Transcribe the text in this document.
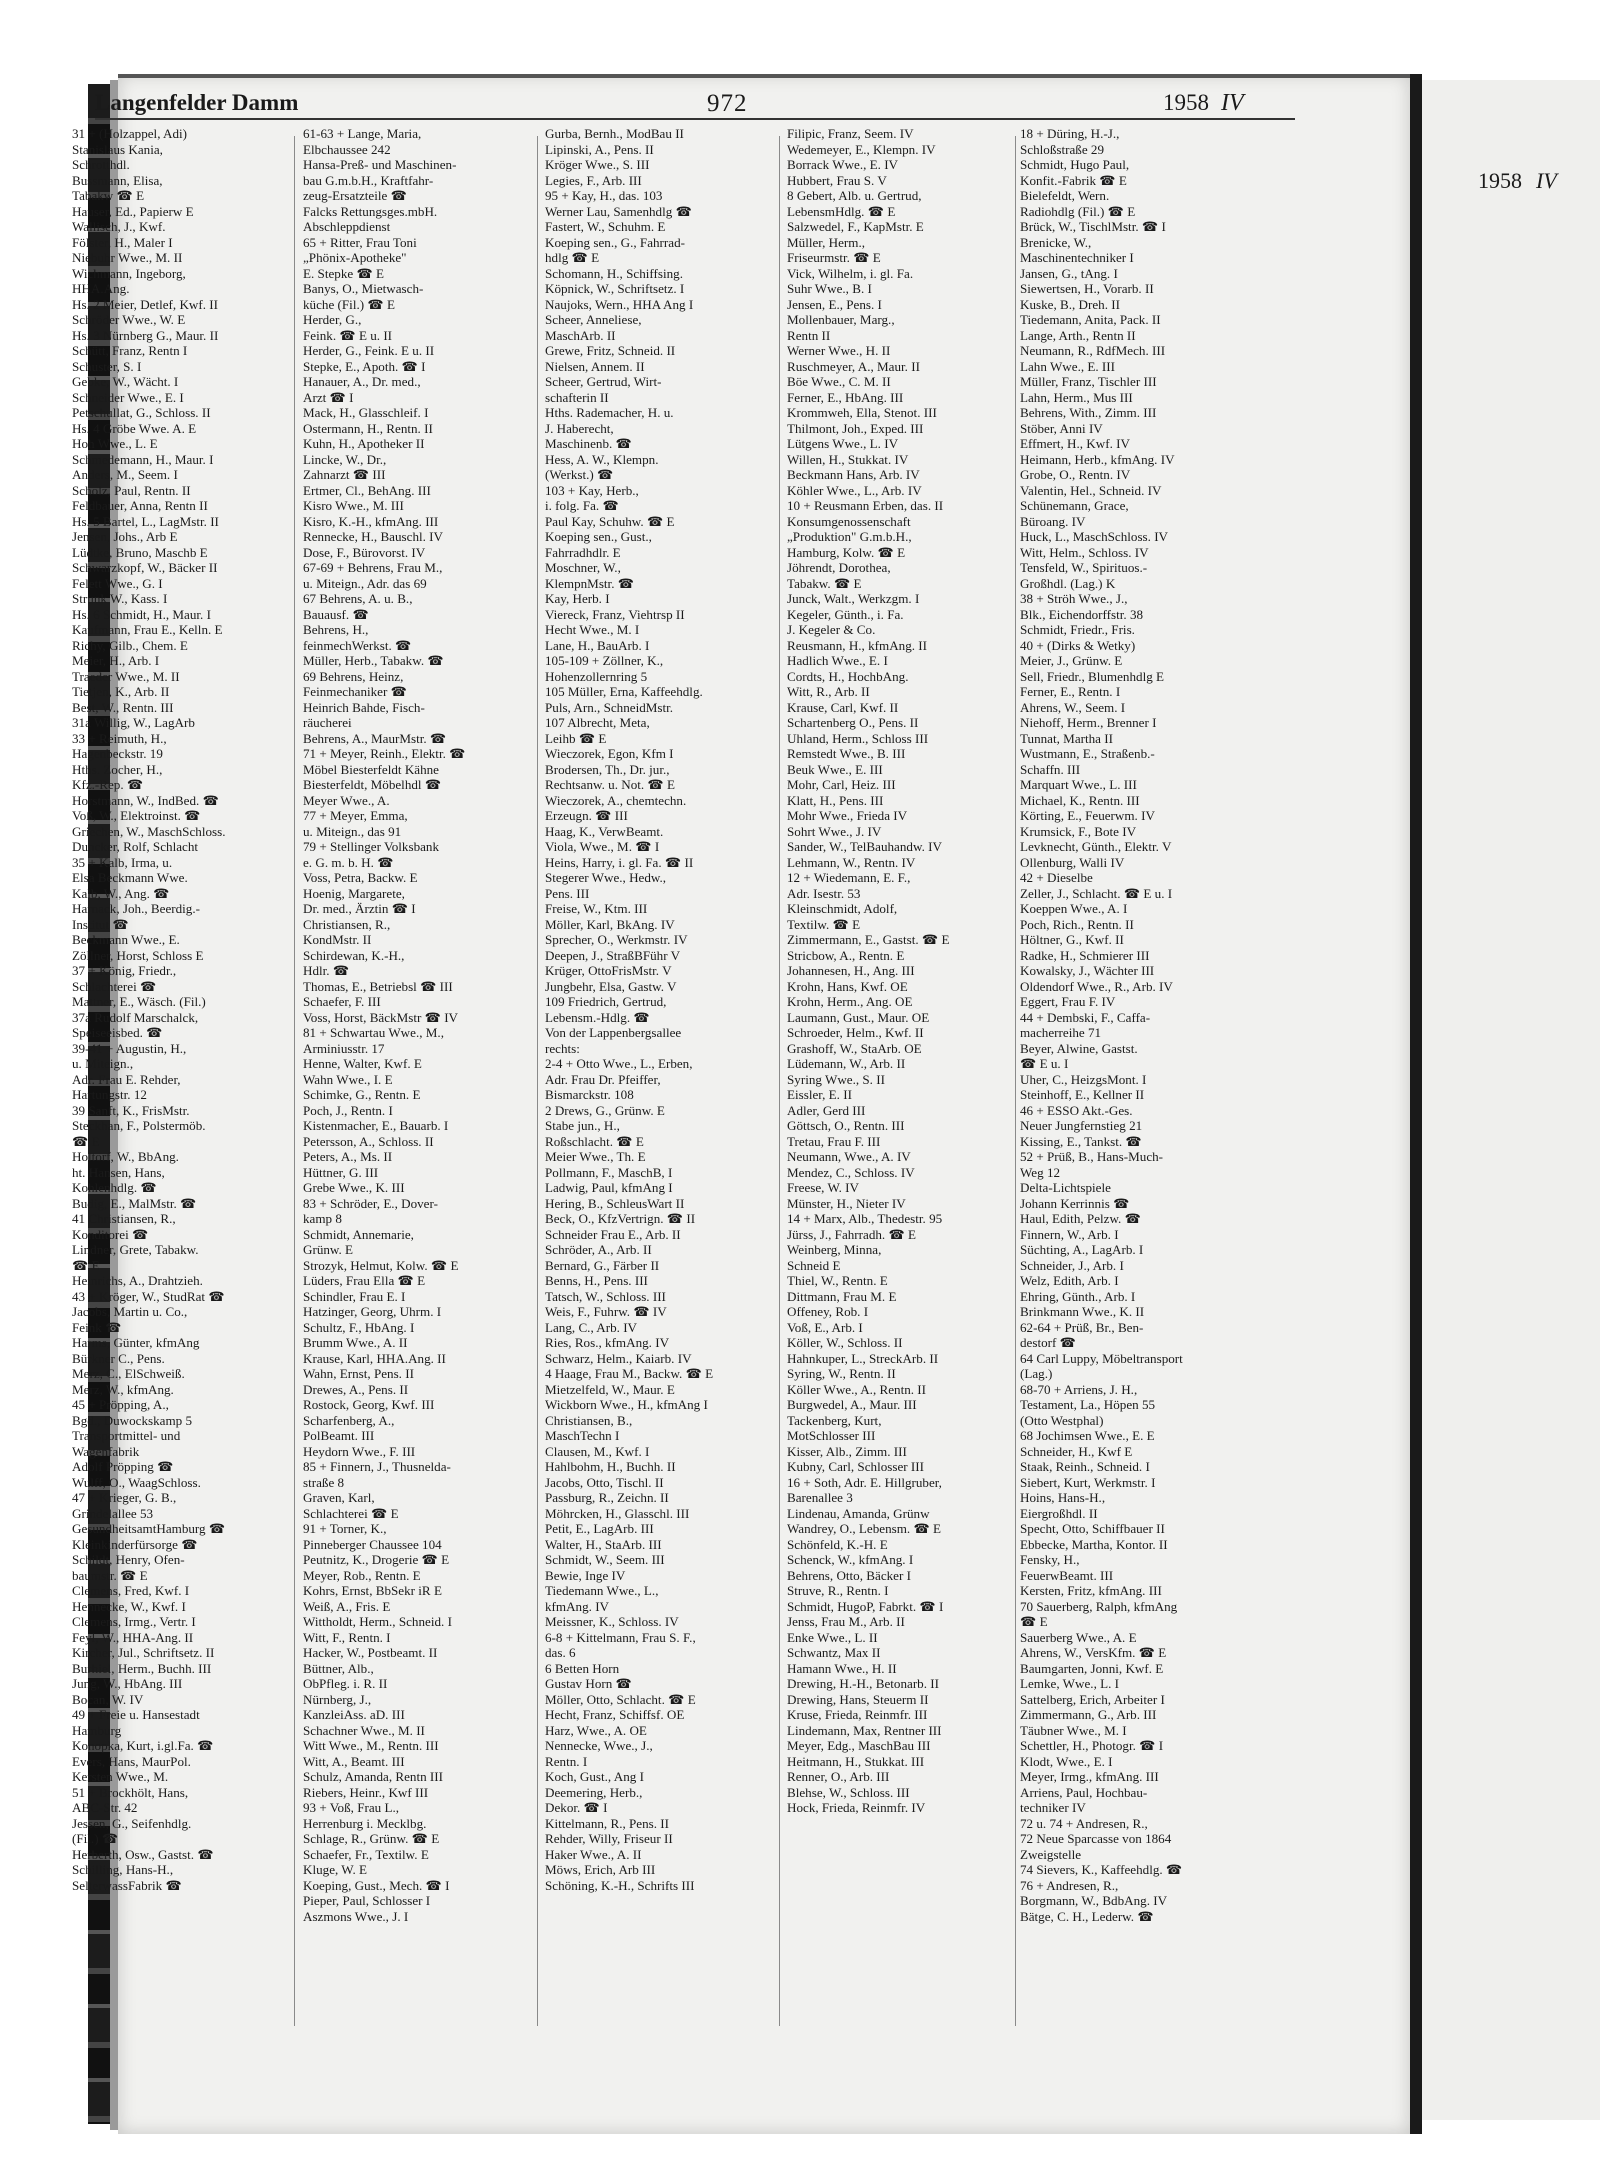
1958 IV
Langenfelder Damm	972	1958 IV
31 + (Holzappel, Adi)
Stanislaus Kania,
Schrotthdl.
Bussmann, Elisa,
Tabakw ☎ E
Hauser, Ed., Papierw E
Wallisch, J., Kwf.
Fölster, H., Maler I
Niebuhr Wwe., M. II
Wichmann, Ingeborg,
HHA.Ang.
Hs. 2 Meier, Detlef, Kwf. II
Schröder Wwe., W. E
Hs. 3 Nürnberg G., Maur. II
Schütt, Franz, Rentn I
Schuster, S. I
Gebke, W., Wächt. I
Schneider Wwe., E. I
Petschullat, G., Schloss. II
Hs. 4 Gröbe Wwe. A. E
Hoh Wwe., L. E
Schmedemann, H., Maur. I
Anders, M., Seem. I
Scholz, Paul, Rentn. II
Feldbauer, Anna, Rentn II
Hs. 5 Bartel, L., LagMstr. II
Jensen, Johs., Arb E
Lüdtke, Bruno, Maschb E
Schwarzkopf, W., Bäcker II
Felett Wwe., G. I
Strunk W., Kass. I
Hs. 6 Schmidt, H., Maur. I
Kaufmann, Frau E., Kelln. E
Richy, Gilb., Chem. E
Meier, H., Arb. I
Traeder Wwe., M. II
Tietjen, K., Arb. II
Best, W., Rentn. III
31a Willig, W., LagArb
33 + Reimuth, H.,
Hagenbeckstr. 19
Hths. Zocher, H.,
Kfz.-Rep. ☎
Horstmann, W., IndBed. ☎
Voß, W., Elektroinst. ☎
Griechen, W., MaschSchloss.
Duncker, Rolf, Schlacht
35 + Kalb, Irma, u.
Elsa Beckmann Wwe.
Kalb, W., Ang. ☎
Harnack, Joh., Beerdig.-
Institut ☎
Beckmann Wwe., E.
Zöllner, Horst, Schloss E
37 + König, Friedr.,
Schlachterei ☎
Mattner, E., Wäsch. (Fil.)
37a Rudolf Marschalck,
Speiseeisbed. ☎
39-41 + Augustin, H.,
u. Miteign.,
Adr. Frau E. Rehder,
Hartungstr. 12
39 Sanft, K., FrisMstr.
Steckhan, F., Polstermöb.
☎ E
Holtorf, W., BbAng.
ht. Hansen, Hans,
Kohlenhdlg. ☎
Budig, E., MalMstr. ☎
41 Christiansen, R.,
Konditorei ☎
Lindner, Grete, Tabakw.
☎ E
Heinrichs, A., Drahtzieh.
43 + Kröger, W., StudRat ☎
Jacobs, Martin u. Co.,
Feink ☎
Harms, Günter, kfmAng
Bürkner C., Pens.
Merz, C., ElSchweiß.
Merz, W., kfmAng.
45 + Pröpping, A.,
Bgd., Duwockskamp 5
Transportmittel- und
Wagenfabrik
Adolf Pröpping ☎
Wulff, O., WaagSchloss.
47 + Krieger, G. B.,
Grindelallee 53
GesundheitsamtHamburg ☎
Kleinkinderfürsorge ☎
Schildt, Henry, Ofen-
baumstr. ☎ E
Clemens, Fred, Kwf. I
Hennecke, W., Kwf. I
Clemens, Irmg., Vertr. I
Feyl, W., HHA-Ang. II
Kircher, Jul., Schriftsetz. II
Burhiel, Herm., Buchh. III
Jung, W., HbAng. III
Bocan, W. IV
49 + Freie u. Hansestadt
Hamburg
Konopka, Kurt, i.gl.Fa. ☎
Evers, Hans, MaurPol.
Kersten Wwe., M.
51 + Brockhölt, Hans,
ABC-Str. 42
Jessen, G., Seifenhdlg.
(Fil.) ☎
Herberth, Osw., Gastst. ☎
Schilling, Hans-H.,
SelterwassFabrik ☎
61-63 + Lange, Maria,
Elbchaussee 242
Hansa-Preß- und Maschinen-
bau G.m.b.H., Kraftfahr-
zeug-Ersatzteile ☎
Falcks Rettungsges.mbH.
Abschleppdienst
65 + Ritter, Frau Toni
„Phönix-Apotheke"
E. Stepke ☎ E
Banys, O., Mietwasch-
küche (Fil.) ☎ E
Herder, G.,
Feink. ☎ E u. II
Herder, G., Feink. E u. II
Stepke, E., Apoth. ☎ I
Hanauer, A., Dr. med.,
Arzt ☎ I
Mack, H., Glasschleif. I
Ostermann, H., Rentn. II
Kuhn, H., Apotheker II
Lincke, W., Dr.,
Zahnarzt ☎ III
Ertmer, Cl., BehAng. III
Kisro Wwe., M. III
Kisro, K.-H., kfmAng. III
Rennecke, H., Bauschl. IV
Dose, F., Bürovorst. IV
67-69 + Behrens, Frau M.,
u. Miteign., Adr. das 69
67 Behrens, A. u. B.,
Bauausf. ☎
Behrens, H.,
feinmechWerkst. ☎
Müller, Herb., Tabakw. ☎
69 Behrens, Heinz,
Feinmechaniker ☎
Heinrich Bahde, Fisch-
räucherei
Behrens, A., MaurMstr. ☎
71 + Meyer, Reinh., Elektr. ☎
Möbel Biesterfeldt Kähne
Biesterfeldt, Möbelhdl ☎
Meyer Wwe., A.
77 + Meyer, Emma,
u. Miteign., das 91
79 + Stellinger Volksbank
e. G. m. b. H. ☎
Voss, Petra, Backw. E
Hoenig, Margarete,
Dr. med., Ärztin ☎ I
Christiansen, R.,
KondMstr. II
Schirdewan, K.-H.,
Hdlr. ☎
Thomas, E., Betriebsl ☎ III
Schaefer, F. III
Voss, Horst, BäckMstr ☎ IV
81 + Schwartau Wwe., M.,
Arminiusstr. 17
Henne, Walter, Kwf. E
Wahn Wwe., I. E
Schimke, G., Rentn. E
Poch, J., Rentn. I
Kistenmacher, E., Bauarb. I
Petersson, A., Schloss. II
Peters, A., Ms. II
Hüttner, G. III
Grebe Wwe., K. III
83 + Schröder, E., Dover-
kamp 8
Schmidt, Annemarie,
Grünw. E
Strozyk, Helmut, Kolw. ☎ E
Lüders, Frau Ella ☎ E
Schindler, Frau E. I
Hatzinger, Georg, Uhrm. I
Schultz, F., HbAng. I
Brumm Wwe., A. II
Krause, Karl, HHA.Ang. II
Wahn, Ernst, Pens. II
Drewes, A., Pens. II
Rostock, Georg, Kwf. III
Scharfenberg, A.,
PolBeamt. III
Heydorn Wwe., F. III
85 + Finnern, J., Thusnelda-
straße 8
Graven, Karl,
Schlachterei ☎ E
91 + Torner, K.,
Pinneberger Chaussee 104
Peutnitz, K., Drogerie ☎ E
Meyer, Rob., Rentn. E
Kohrs, Ernst, BbSekr iR E
Weiß, A., Fris. E
Wittholdt, Herm., Schneid. I
Witt, F., Rentn. I
Hacker, W., Postbeamt. II
Büttner, Alb.,
ObPfleg. i. R. II
Nürnberg, J.,
KanzleiAss. aD. III
Schachner Wwe., M. II
Witt Wwe., M., Rentn. III
Witt, A., Beamt. III
Schulz, Amanda, Rentn III
Riebers, Heinr., Kwf III
93 + Voß, Frau L.,
Herrenburg i. Mecklbg.
Schlage, R., Grünw. ☎ E
Schaefer, Fr., Textilw. E
Kluge, W. E
Koeping, Gust., Mech. ☎ I
Pieper, Paul, Schlosser I
Aszmons Wwe., J. I
Gurba, Bernh., ModBau II
Lipinski, A., Pens. II
Kröger Wwe., S. III
Legies, F., Arb. III
95 + Kay, H., das. 103
Werner Lau, Samenhdlg ☎
Fastert, W., Schuhm. E
Koeping sen., G., Fahrrad-
hdlg ☎ E
Schomann, H., Schiffsing.
Köpnick, W., Schriftsetz. I
Naujoks, Wern., HHA Ang I
Scheer, Anneliese,
MaschArb. II
Grewe, Fritz, Schneid. II
Nielsen, Annem. II
Scheer, Gertrud, Wirt-
schafterin II
Hths. Rademacher, H. u.
J. Haberecht,
Maschinenb. ☎
Hess, A. W., Klempn.
(Werkst.) ☎
103 + Kay, Herb.,
i. folg. Fa. ☎
Paul Kay, Schuhw. ☎ E
Koeping sen., Gust.,
Fahrradhdlr. E
Moschner, W.,
KlempnMstr. ☎
Kay, Herb. I
Viereck, Franz, Viehtrsp II
Hecht Wwe., M. I
Lane, H., BauArb. I
105-109 + Zöllner, K.,
Hohenzollernring 5
105 Müller, Erna, Kaffeehdlg.
Puls, Arn., SchneidMstr.
107 Albrecht, Meta,
Leihb ☎ E
Wieczorek, Egon, Kfm I
Brodersen, Th., Dr. jur.,
Rechtsanw. u. Not. ☎ E
Wieczorek, A., chemtechn.
Erzeugn. ☎ III
Haag, K., VerwBeamt.
Viola, Wwe., M. ☎ I
Heins, Harry, i. gl. Fa. ☎ II
Stegerer Wwe., Hedw.,
Pens. III
Freise, W., Ktm. III
Möller, Karl, BkAng. IV
Sprecher, O., Werkmstr. IV
Deepen, J., StraßBFühr V
Krüger, OttoFrisMstr. V
Jungbehr, Elsa, Gastw. V
109 Friedrich, Gertrud,
Lebensm.-Hdlg. ☎
Von der Lappenbergsallee
rechts:
2-4 + Otto Wwe., L., Erben,
Adr. Frau Dr. Pfeiffer,
Bismarckstr. 108
2 Drews, G., Grünw. E
Stabe jun., H.,
Roßschlacht. ☎ E
Meier Wwe., Th. E
Pollmann, F., MaschB, I
Ladwig, Paul, kfmAng I
Hering, B., SchleusWart II
Beck, O., KfzVertrign. ☎ II
Schneider Frau E., Arb. II
Schröder, A., Arb. II
Bernard, G., Färber II
Benns, H., Pens. III
Tatsch, W., Schloss. III
Weis, F., Fuhrw. ☎ IV
Lang, C., Arb. IV
Ries, Ros., kfmAng. IV
Schwarz, Helm., Kaiarb. IV
4 Haage, Frau M., Backw. ☎ E
Mietzelfeld, W., Maur. E
Wickborn Wwe., H., kfmAng I
Christiansen, B.,
MaschTechn I
Clausen, M., Kwf. I
Hahlbohm, H., Buchh. II
Jacobs, Otto, Tischl. II
Passburg, R., Zeichn. II
Möhrcken, H., Glasschl. III
Petit, E., LagArb. III
Walter, H., StaArb. III
Schmidt, W., Seem. III
Bewie, Inge IV
Tiedemann Wwe., L.,
kfmAng. IV
Meissner, K., Schloss. IV
6-8 + Kittelmann, Frau S. F.,
das. 6
6 Betten Horn
Gustav Horn ☎
Möller, Otto, Schlacht. ☎ E
Hecht, Franz, Schiffsf. OE
Harz, Wwe., A. OE
Nennecke, Wwe., J.,
Rentn. I
Koch, Gust., Ang I
Deemering, Herb.,
Dekor. ☎ I
Kittelmann, R., Pens. II
Rehder, Willy, Friseur II
Haker Wwe., A. II
Möws, Erich, Arb III
Schöning, K.-H., Schrifts III
Filipic, Franz, Seem. IV
Wedemeyer, E., Klempn. IV
Borrack Wwe., E. IV
Hubbert, Frau S. V
8 Gebert, Alb. u. Gertrud,
LebensmHdlg. ☎ E
Salzwedel, F., KapMstr. E
Müller, Herm.,
Friseurmstr. ☎ E
Vick, Wilhelm, i. gl. Fa.
Suhr Wwe., B. I
Jensen, E., Pens. I
Mollenbauer, Marg.,
Rentn II
Werner Wwe., H. II
Ruschmeyer, A., Maur. II
Böe Wwe., C. M. II
Ferner, E., HbAng. III
Krommweh, Ella, Stenot. III
Thilmont, Joh., Exped. III
Lütgens Wwe., L. IV
Willen, H., Stukkat. IV
Beckmann Hans, Arb. IV
Köhler Wwe., L., Arb. IV
10 + Reusmann Erben, das. II
Konsumgenossenschaft
„Produktion" G.m.b.H.,
Hamburg, Kolw. ☎ E
Jöhrendt, Dorothea,
Tabakw. ☎ E
Junck, Walt., Werkzgm. I
Kegeler, Günth., i. Fa.
J. Kegeler & Co.
Reusmann, H., kfmAng. II
Hadlich Wwe., E. I
Cordts, H., HochbAng.
Witt, R., Arb. II
Krause, Carl, Kwf. II
Schartenberg O., Pens. II
Uhland, Herm., Schloss III
Remstedt Wwe., B. III
Beuk Wwe., E. III
Mohr, Carl, Heiz. III
Klatt, H., Pens. III
Mohr Wwe., Frieda IV
Sohrt Wwe., J. IV
Sander, W., TelBauhandw. IV
Lehmann, W., Rentn. IV
12 + Wiedemann, E. F.,
Adr. Isestr. 53
Kleinschmidt, Adolf,
Textilw. ☎ E
Zimmermann, E., Gastst. ☎ E
Stricbow, A., Rentn. E
Johannesen, H., Ang. III
Krohn, Hans, Kwf. OE
Krohn, Herm., Ang. OE
Laumann, Gust., Maur. OE
Schroeder, Helm., Kwf. II
Grashoff, W., StaArb. OE
Lüdemann, W., Arb. II
Syring Wwe., S. II
Eissler, E. II
Adler, Gerd III
Göttsch, O., Rentn. III
Tretau, Frau F. III
Neumann, Wwe., A. IV
Mendez, C., Schloss. IV
Freese, W. IV
Münster, H., Nieter IV
14 + Marx, Alb., Thedestr. 95
Jürss, J., Fahrradh. ☎ E
Weinberg, Minna,
Schneid E
Thiel, W., Rentn. E
Dittmann, Frau M. E
Offeney, Rob. I
Voß, E., Arb. I
Köller, W., Schloss. II
Hahnkuper, L., StreckArb. II
Syring, W., Rentn. II
Köller Wwe., A., Rentn. II
Burgwedel, A., Maur. III
Tackenberg, Kurt,
MotSchlosser III
Kisser, Alb., Zimm. III
Kubny, Carl, Schlosser III
16 + Soth, Adr. E. Hillgruber,
Barenallee 3
Lindenau, Amanda, Grünw
Wandrey, O., Lebensm. ☎ E
Schönfeld, K.-H. E
Schenck, W., kfmAng. I
Behrens, Otto, Bäcker I
Struve, R., Rentn. I
Schmidt, HugoP, Fabrkt. ☎ I
Jenss, Frau M., Arb. II
Enke Wwe., L. II
Schwantz, Max II
Hamann Wwe., H. II
Drewing, H.-H., Betonarb. II
Drewing, Hans, Steuerm II
Kruse, Frieda, Reinmfr. III
Lindemann, Max, Rentner III
Meyer, Edg., MaschBau III
Heitmann, H., Stukkat. III
Renner, O., Arb. III
Blehse, W., Schloss. III
Hock, Frieda, Reinmfr. IV
18 + Düring, H.-J.,
Schloßstraße 29
Schmidt, Hugo Paul,
Konfit.-Fabrik ☎ E
Bielefeldt, Wern.
Radiohdlg (Fil.) ☎ E
Brück, W., TischlMstr. ☎ I
Brenicke, W.,
Maschinentechniker I
Jansen, G., tAng. I
Siewertsen, H., Vorarb. II
Kuske, B., Dreh. II
Tiedemann, Anita, Pack. II
Lange, Arth., Rentn II
Neumann, R., RdfMech. III
Lahn Wwe., E. III
Müller, Franz, Tischler III
Lahn, Herm., Mus III
Behrens, With., Zimm. III
Stöber, Anni IV
Effmert, H., Kwf. IV
Heimann, Herb., kfmAng. IV
Grobe, O., Rentn. IV
Valentin, Hel., Schneid. IV
Schünemann, Grace,
Büroang. IV
Huck, L., MaschSchloss. IV
Witt, Helm., Schloss. IV
Tensfeld, W., Spirituos.-
Großhdl. (Lag.) K
38 + Ströh Wwe., J.,
Blk., Eichendorffstr. 38
Schmidt, Friedr., Fris.
40 + (Dirks & Wetky)
Meier, J., Grünw. E
Sell, Friedr., Blumenhdlg E
Ferner, E., Rentn. I
Ahrens, W., Seem. I
Niehoff, Herm., Brenner I
Tunnat, Martha II
Wustmann, E., Straßenb.-
Schaffn. III
Marquart Wwe., L. III
Michael, K., Rentn. III
Körting, E., Feuerwm. IV
Krumsick, F., Bote IV
Levknecht, Günth., Elektr. V
Ollenburg, Walli IV
42 + Dieselbe
Zeller, J., Schlacht. ☎ E u. I
Koeppen Wwe., A. I
Poch, Rich., Rentn. II
Höltner, G., Kwf. II
Radke, H., Schmierer III
Kowalsky, J., Wächter III
Oldendorf Wwe., R., Arb. IV
Eggert, Frau F. IV
44 + Dembski, F., Caffa-
macherreihe 71
Beyer, Alwine, Gastst.
☎ E u. I
Uher, C., HeizgsMont. I
Steinhoff, E., Kellner II
46 + ESSO Akt.-Ges.
Neuer Jungfernstieg 21
Kissing, E., Tankst. ☎
52 + Prüß, B., Hans-Much-
Weg 12
Delta-Lichtspiele
Johann Kerrinnis ☎
Haul, Edith, Pelzw. ☎
Finnern, W., Arb. I
Süchting, A., LagArb. I
Schneider, J., Arb. I
Welz, Edith, Arb. I
Ehring, Günth., Arb. I
Brinkmann Wwe., K. II
62-64 + Prüß, Br., Ben-
destorf ☎
64 Carl Luppy, Möbeltransport
(Lag.)
68-70 + Arriens, J. H.,
Testament, La., Höpen 55
(Otto Westphal)
68 Jochimsen Wwe., E. E
Schneider, H., Kwf E
Staak, Reinh., Schneid. I
Siebert, Kurt, Werkmstr. I
Hoins, Hans-H.,
Eiergroßhdl. II
Specht, Otto, Schiffbauer II
Ebbecke, Martha, Kontor. II
Fensky, H.,
FeuerwBeamt. III
Kersten, Fritz, kfmAng. III
70 Sauerberg, Ralph, kfmAng
☎ E
Sauerberg Wwe., A. E
Ahrens, W., VersKfm. ☎ E
Baumgarten, Jonni, Kwf. E
Lemke, Wwe., L. I
Sattelberg, Erich, Arbeiter I
Zimmermann, G., Arb. III
Täubner Wwe., M. I
Schettler, H., Photogr. ☎ I
Klodt, Wwe., E. I
Meyer, Irmg., kfmAng. III
Arriens, Paul, Hochbau-
techniker IV
72 u. 74 + Andresen, R.,
72 Neue Sparcasse von 1864
Zweigstelle
74 Sievers, K., Kaffeehdlg. ☎
76 + Andresen, R.,
Borgmann, W., BdbAng. IV
Bätge, C. H., Lederw. ☎
